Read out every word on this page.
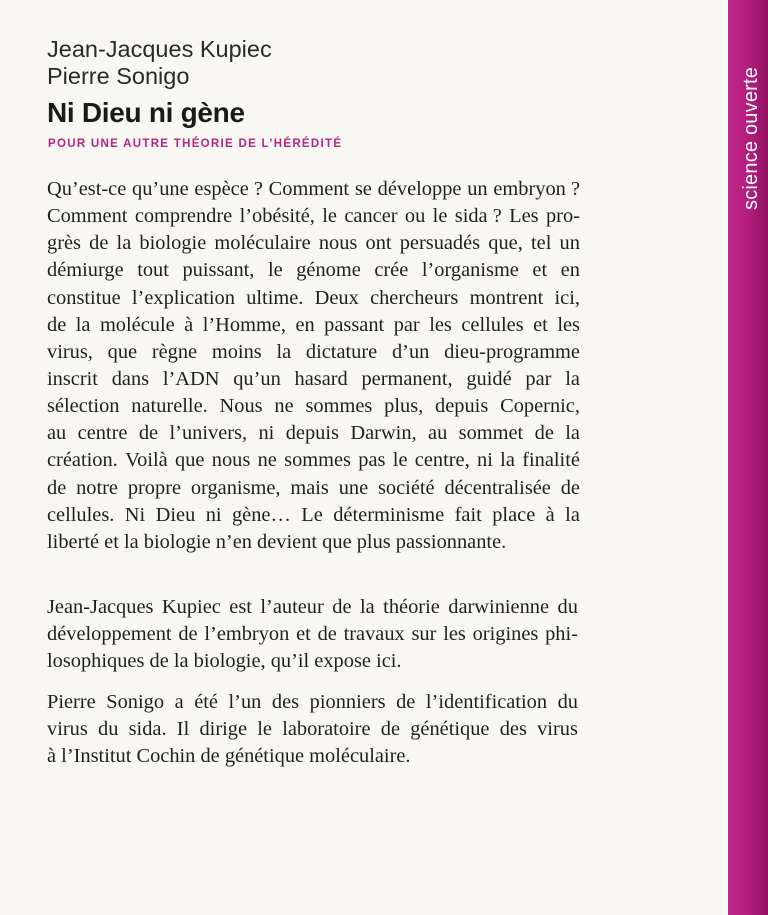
Jean-Jacques Kupiec
Pierre Sonigo
Ni Dieu ni gène
POUR UNE AUTRE THÉORIE DE L’HÉRÉDITÉ
Qu’est-ce qu’une espèce ? Comment se développe un embryon ?
Comment comprendre l’obésité, le cancer ou le sida ? Les pro-
grès de la biologie moléculaire nous ont persuadés que, tel un
démiurge tout puissant, le génome crée l’organisme et en
constitue l’explication ultime. Deux chercheurs montrent ici,
de la molécule à l’Homme, en passant par les cellules et les
virus, que règne moins la dictature d’un dieu-programme
inscrit dans l’ADN qu’un hasard permanent, guidé par la
sélection naturelle. Nous ne sommes plus, depuis Copernic,
au centre de l’univers, ni depuis Darwin, au sommet de la
création. Voilà que nous ne sommes pas le centre, ni la finalité
de notre propre organisme, mais une société décentralisée de
cellules. Ni Dieu ni gène… Le déterminisme fait place à la
liberté et la biologie n’en devient que plus passionnante.
Jean-Jacques Kupiec est l’auteur de la théorie darwinienne du
développement de l’embryon et de travaux sur les origines phi-
losophiques de la biologie, qu’il expose ici.
Pierre Sonigo a été l’un des pionniers de l’identification du
virus du sida. Il dirige le laboratoire de génétique des virus
à l’Institut Cochin de génétique moléculaire.
science ouverte
